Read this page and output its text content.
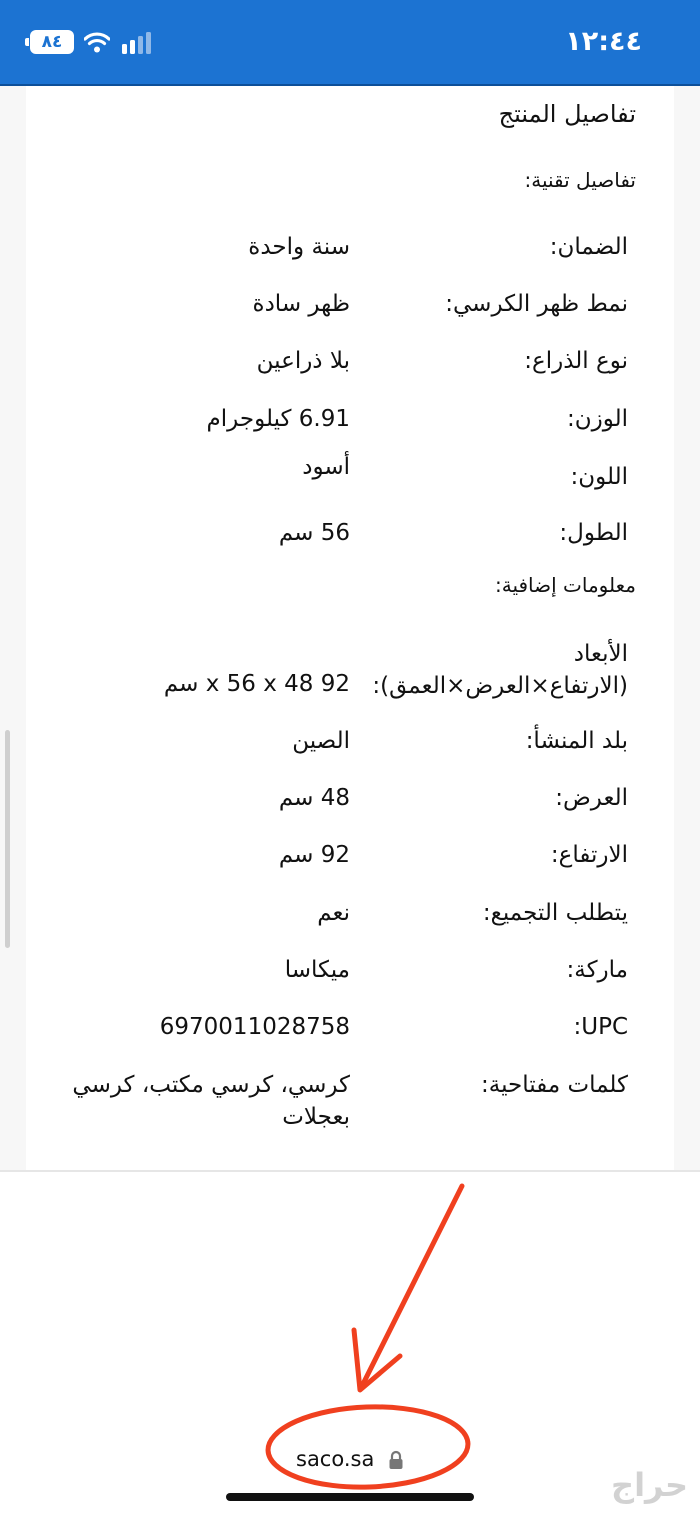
٨٤	١٢:٤٤
تفاصيل المنتج
تفاصيل تقنية:
الضمان:
سنة واحدة
نمط ظهر الكرسي:
ظهر سادة
نوع الذراع:
بلا ذراعين
الوزن:
6.91 كيلوجرام
اللون:
أسود
الطول:
56 سم
معلومات إضافية:
الأبعاد (الارتفاع×العرض×العمق):
92 x 56 x 48 سم
بلد المنشأ:
الصين
العرض:
48 سم
الارتفاع:
92 سم
يتطلب التجميع:
نعم
ماركة:
ميكاسا
UPC:
6970011028758
كلمات مفتاحية:
كرسي، كرسي مكتب، كرسي بعجلات
saco.sa
حراج
